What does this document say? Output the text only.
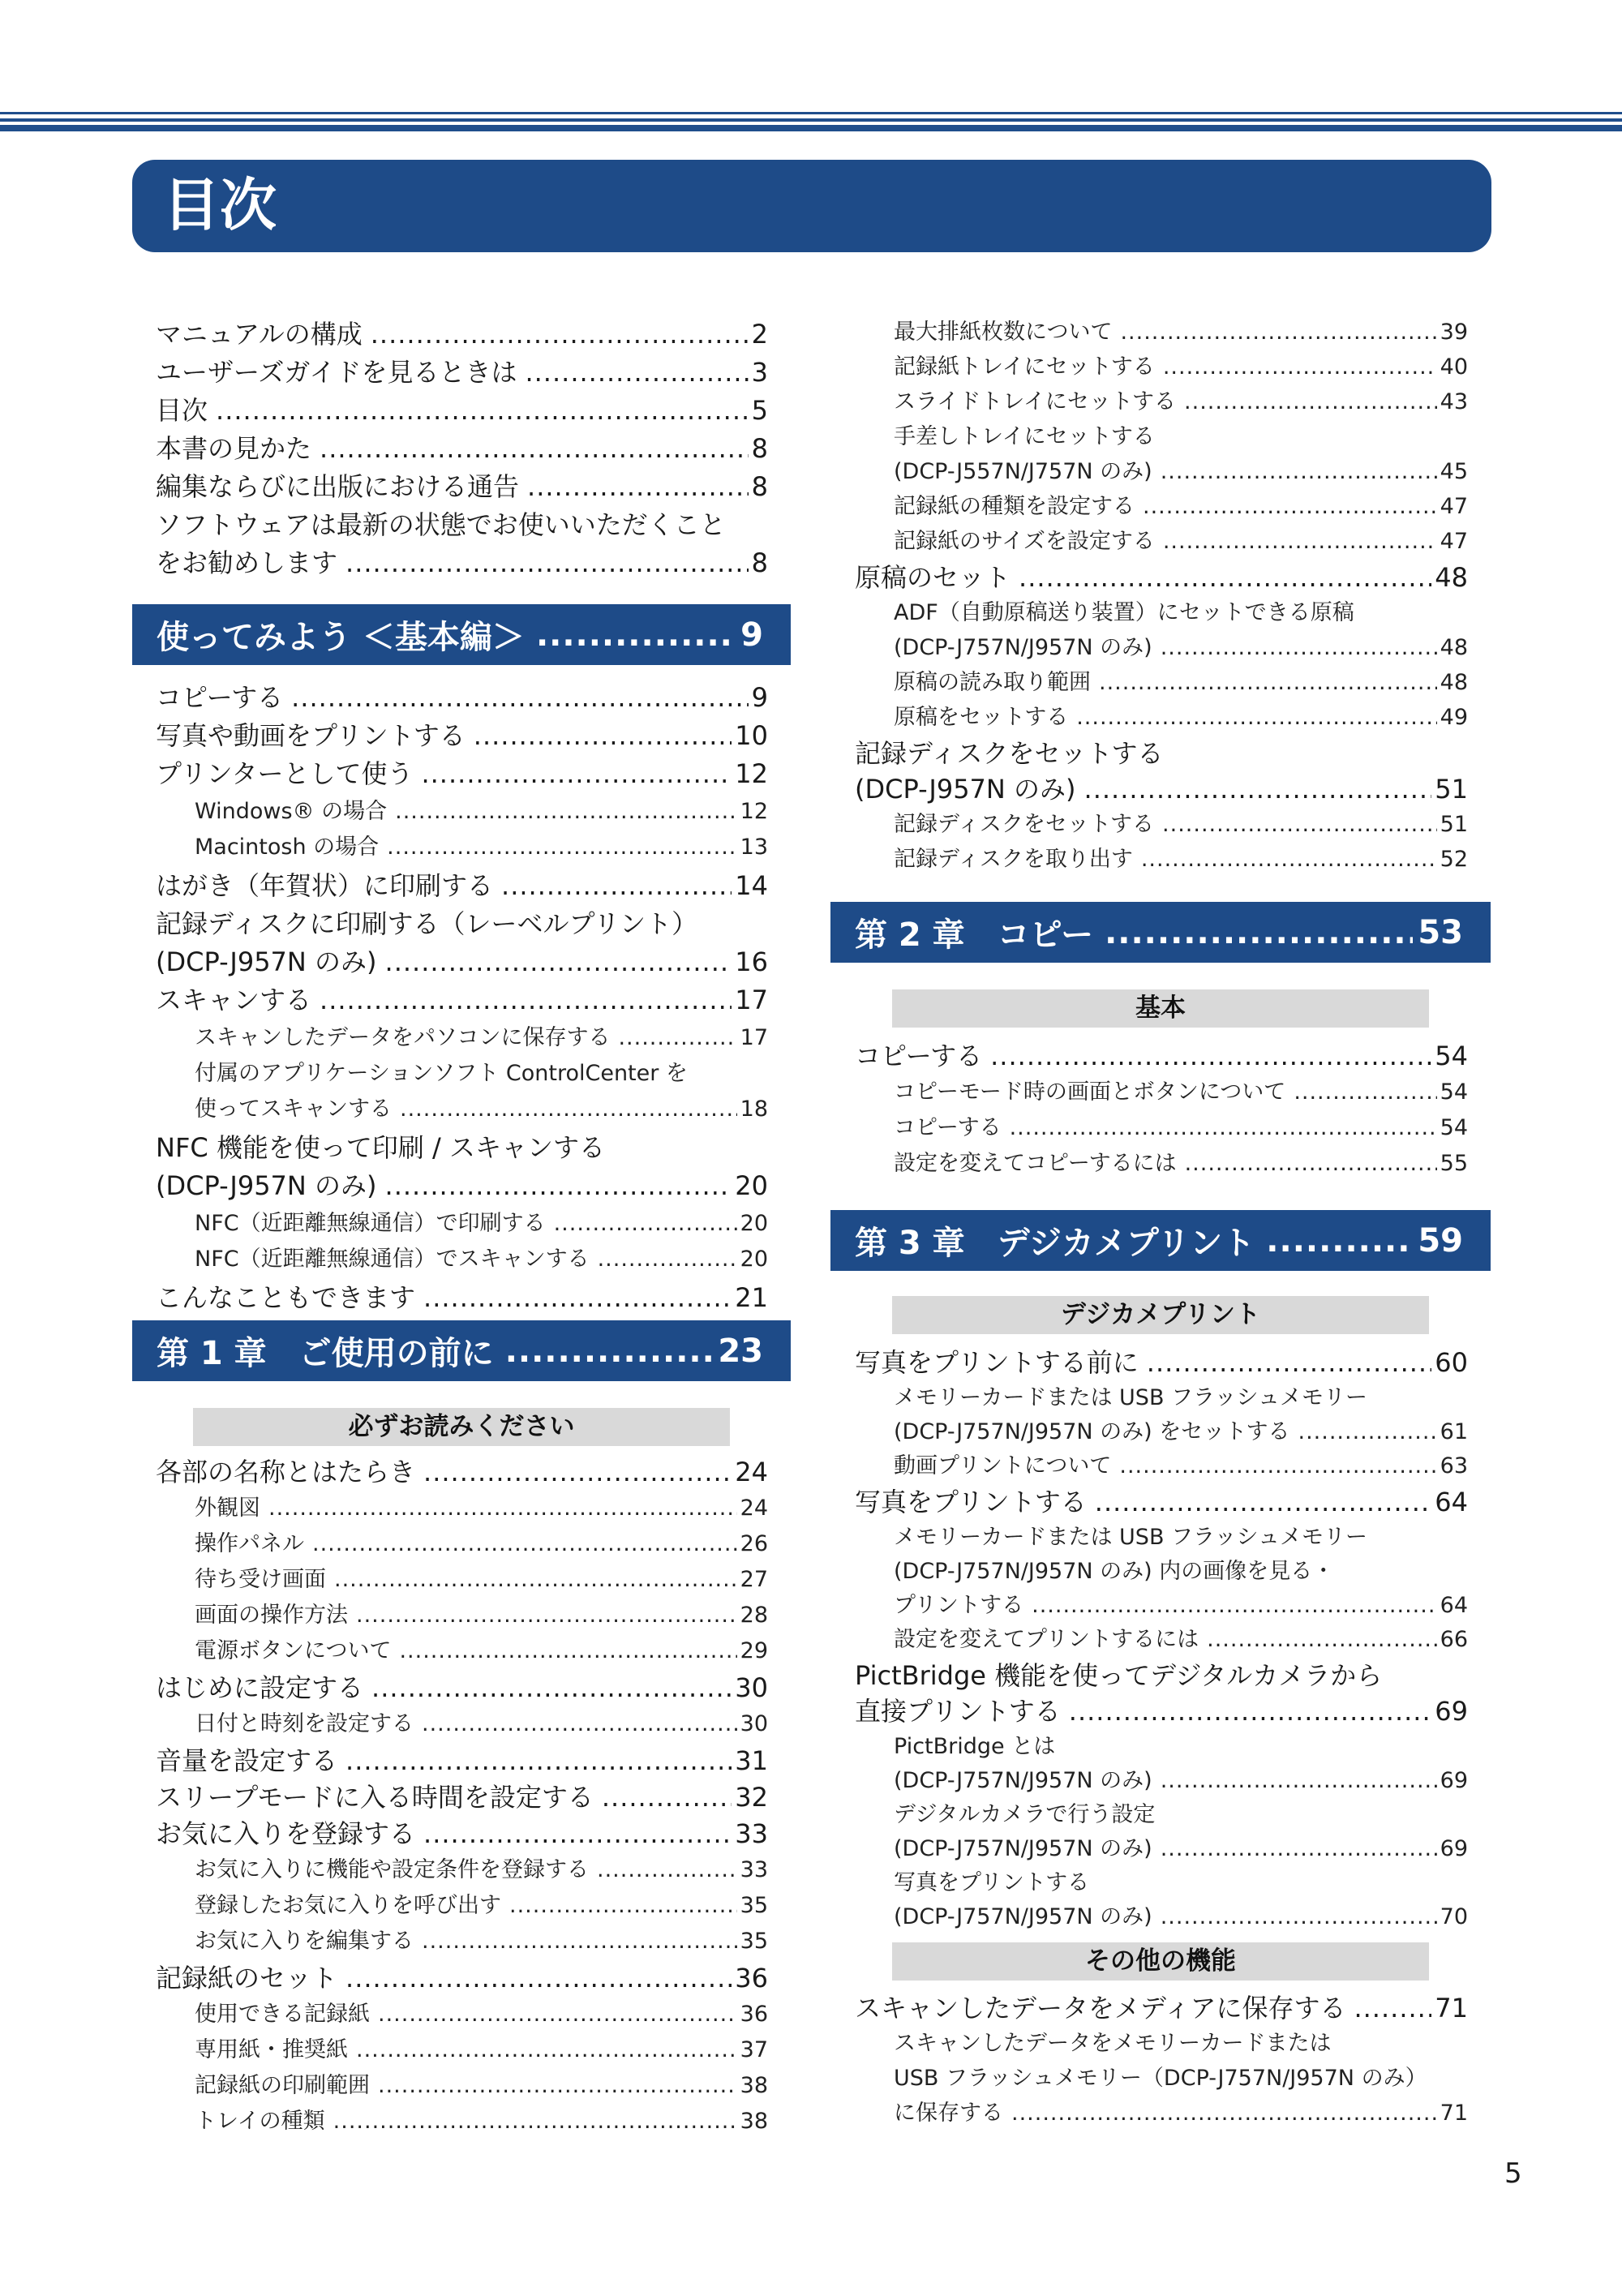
目次
マニュアルの構成 .....	2
ユーザーズガイドを見るときは .....	3
目次 .....	5
本書の見かた .....	8
編集ならびに出版における通告 .....	8
ソフトウェアは最新の状態でお使いいただくこと
をお勧めします .....	8
使ってみよう ＜基本編＞ .....	9
コピーする .....	9
写真や動画をプリントする .....	10
プリンターとして使う .....	12
Windows® の場合 .....	12
Macintosh の場合 .....	13
はがき（年賀状）に印刷する .....	14
記録ディスクに印刷する（レーベルプリント）
(DCP-J957N のみ) .....	16
スキャンする .....	17
スキャンしたデータをパソコンに保存する .....	17
付属のアプリケーションソフト ControlCenter を
使ってスキャンする .....	18
NFC 機能を使って印刷 / スキャンする
(DCP-J957N のみ) .....	20
NFC（近距離無線通信）で印刷する .....	20
NFC（近距離無線通信）でスキャンする .....	20
こんなこともできます .....	21
第 1 章　ご使用の前に .....	23
必ずお読みください
各部の名称とはたらき .....	24
外観図 .....	24
操作パネル .....	26
待ち受け画面 .....	27
画面の操作方法 .....	28
電源ボタンについて .....	29
はじめに設定する .....	30
日付と時刻を設定する .....	30
音量を設定する .....	31
スリープモードに入る時間を設定する .....	32
お気に入りを登録する .....	33
お気に入りに機能や設定条件を登録する .....	33
登録したお気に入りを呼び出す .....	35
お気に入りを編集する .....	35
記録紙のセット .....	36
使用できる記録紙 .....	36
専用紙・推奨紙 .....	37
記録紙の印刷範囲 .....	38
トレイの種類 .....	38
最大排紙枚数について .....	39
記録紙トレイにセットする .....	40
スライドトレイにセットする .....	43
手差しトレイにセットする
(DCP-J557N/J757N のみ) .....	45
記録紙の種類を設定する .....	47
記録紙のサイズを設定する .....	47
原稿のセット .....	48
ADF（自動原稿送り装置）にセットできる原稿
(DCP-J757N/J957N のみ) .....	48
原稿の読み取り範囲 .....	48
原稿をセットする .....	49
記録ディスクをセットする
(DCP-J957N のみ) .....	51
記録ディスクをセットする .....	51
記録ディスクを取り出す .....	52
第 2 章　コピー .....	53
基本
コピーする .....	54
コピーモード時の画面とボタンについて .....	54
コピーする .....	54
設定を変えてコピーするには .....	55
第 3 章　デジカメプリント .....	59
デジカメプリント
写真をプリントする前に .....	60
メモリーカードまたは USB フラッシュメモリー
(DCP-J757N/J957N のみ) をセットする .....	61
動画プリントについて .....	63
写真をプリントする .....	64
メモリーカードまたは USB フラッシュメモリー
(DCP-J757N/J957N のみ) 内の画像を見る・
プリントする .....	64
設定を変えてプリントするには .....	66
PictBridge 機能を使ってデジタルカメラから
直接プリントする .....	69
PictBridge とは
(DCP-J757N/J957N のみ) .....	69
デジタルカメラで行う設定
(DCP-J757N/J957N のみ) .....	69
写真をプリントする
(DCP-J757N/J957N のみ) .....	70
その他の機能
スキャンしたデータをメディアに保存する .....	71
スキャンしたデータをメモリーカードまたは
USB フラッシュメモリー（DCP-J757N/J957N のみ）
に保存する .....	71
5
